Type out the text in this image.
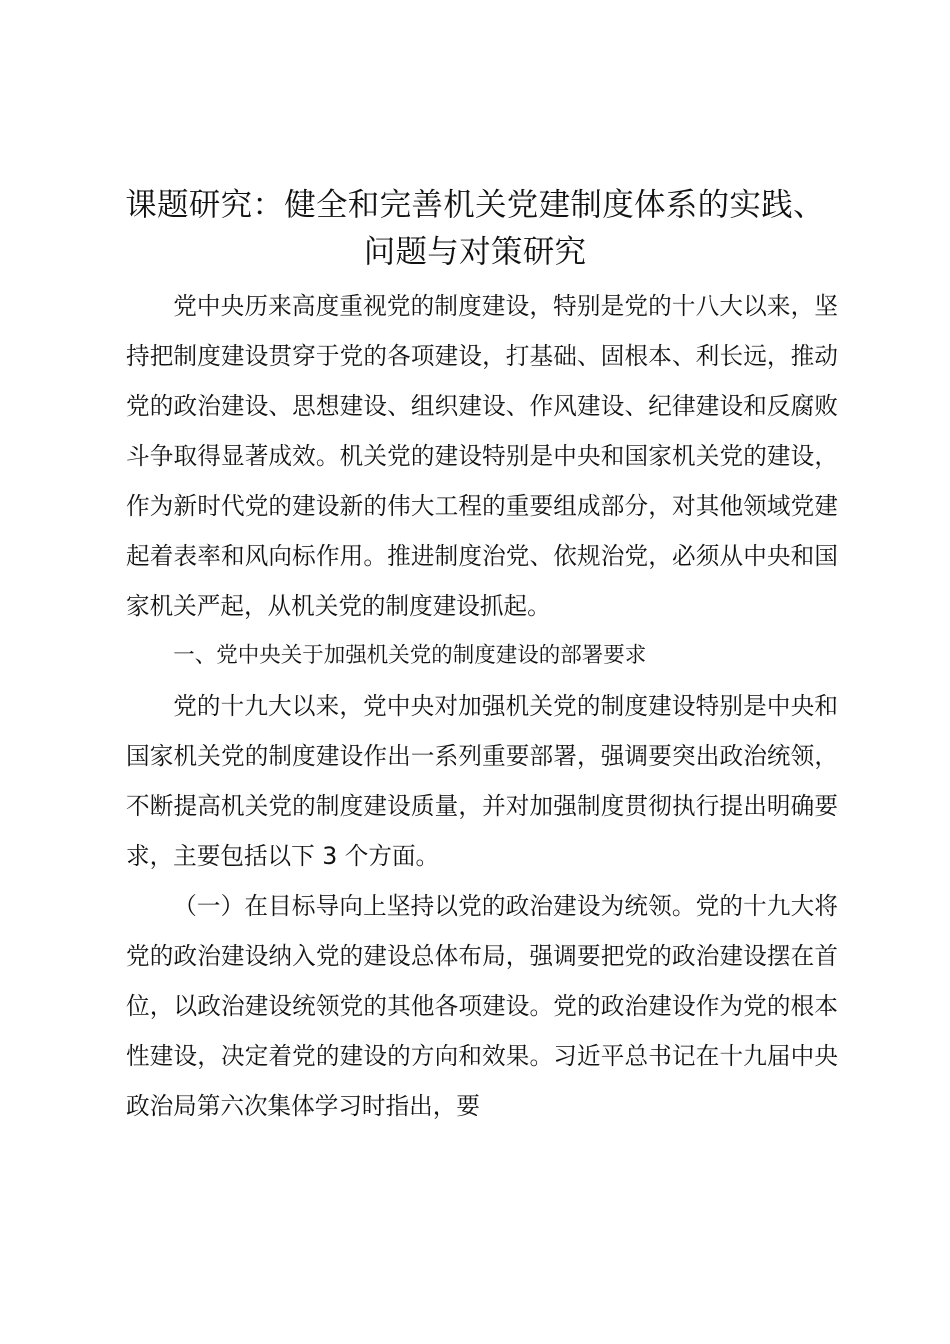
课题研究：健全和完善机关党建制度体系的实践、问题与对策研究

党中央历来高度重视党的制度建设，特别是党的十八大以来，坚持把制度建设贯穿于党的各项建设，打基础、固根本、利长远，推动党的政治建设、思想建设、组织建设、作风建设、纪律建设和反腐败斗争取得显著成效。机关党的建设特别是中央和国家机关党的建设，作为新时代党的建设新的伟大工程的重要组成部分，对其他领域党建起着表率和风向标作用。推进制度治党、依规治党，必须从中央和国家机关严起，从机关党的制度建设抓起。

一、党中央关于加强机关党的制度建设的部署要求

党的十九大以来，党中央对加强机关党的制度建设特别是中央和国家机关党的制度建设作出一系列重要部署，强调要突出政治统领，不断提高机关党的制度建设质量，并对加强制度贯彻执行提出明确要求，主要包括以下 3 个方面。

（一）在目标导向上坚持以党的政治建设为统领。党的十九大将党的政治建设纳入党的建设总体布局，强调要把党的政治建设摆在首位，以政治建设统领党的其他各项建设。党的政治建设作为党的根本性建设，决定着党的建设的方向和效果。习近平总书记在十九届中央政治局第六次集体学习时指出，要
